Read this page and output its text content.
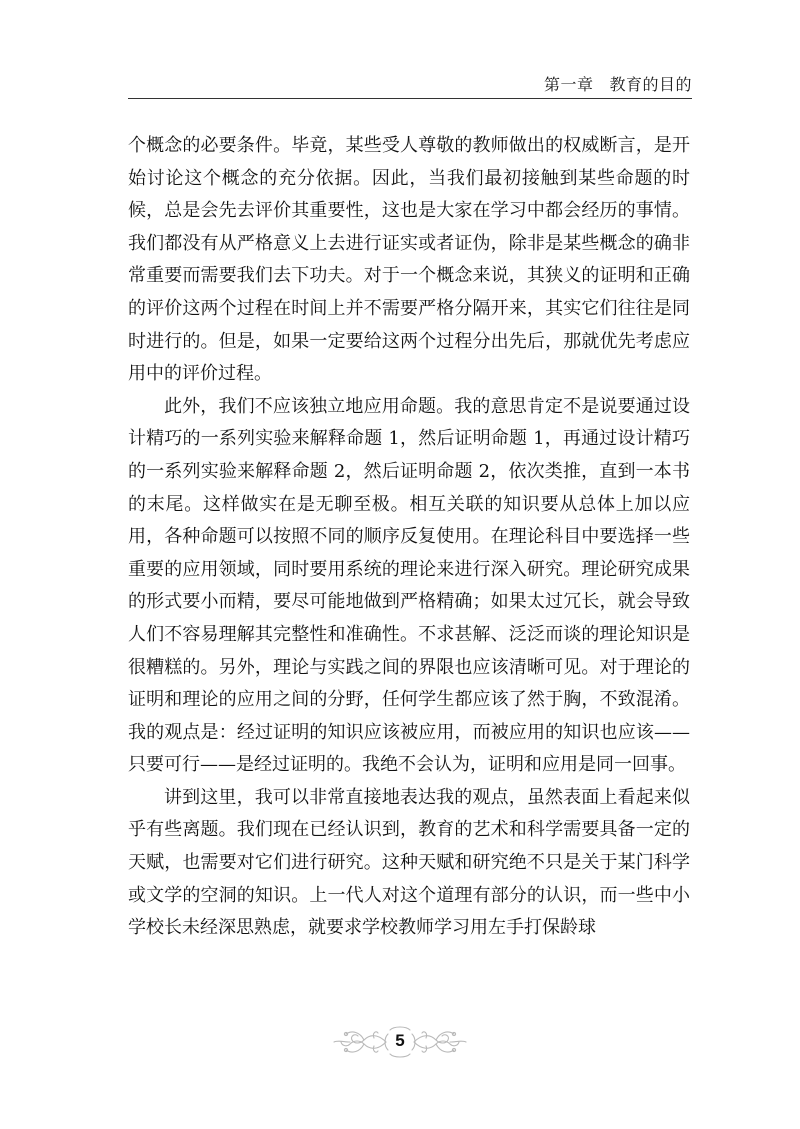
第一章 教育的目的

个概念的必要条件。毕竟，某些受人尊敬的教师做出的权威断言，是开始讨论这个概念的充分依据。因此，当我们最初接触到某些命题的时候，总是会先去评价其重要性，这也是大家在学习中都会经历的事情。我们都没有从严格意义上去进行证实或者证伪，除非是某些概念的确非常重要而需要我们去下功夫。对于一个概念来说，其狭义的证明和正确的评价这两个过程在时间上并不需要严格分隔开来，其实它们往往是同时进行的。但是，如果一定要给这两个过程分出先后，那就优先考虑应用中的评价过程。

此外，我们不应该独立地应用命题。我的意思肯定不是说要通过设计精巧的一系列实验来解释命题 1，然后证明命题 1，再通过设计精巧的一系列实验来解释命题 2，然后证明命题 2，依次类推，直到一本书的末尾。这样做实在是无聊至极。相互关联的知识要从总体上加以应用，各种命题可以按照不同的顺序反复使用。在理论科目中要选择一些重要的应用领域，同时要用系统的理论来进行深入研究。理论研究成果的形式要小而精，要尽可能地做到严格精确；如果太过冗长，就会导致人们不容易理解其完整性和准确性。不求甚解、泛泛而谈的理论知识是很糟糕的。另外，理论与实践之间的界限也应该清晰可见。对于理论的证明和理论的应用之间的分野，任何学生都应该了然于胸，不致混淆。我的观点是：经过证明的知识应该被应用，而被应用的知识也应该——只要可行——是经过证明的。我绝不会认为，证明和应用是同一回事。

讲到这里，我可以非常直接地表达我的观点，虽然表面上看起来似乎有些离题。我们现在已经认识到，教育的艺术和科学需要具备一定的天赋，也需要对它们进行研究。这种天赋和研究绝不只是关于某门科学或文学的空洞的知识。上一代人对这个道理有部分的认识，而一些中小学校长未经深思熟虑，就要求学校教师学习用左手打保龄球

5
